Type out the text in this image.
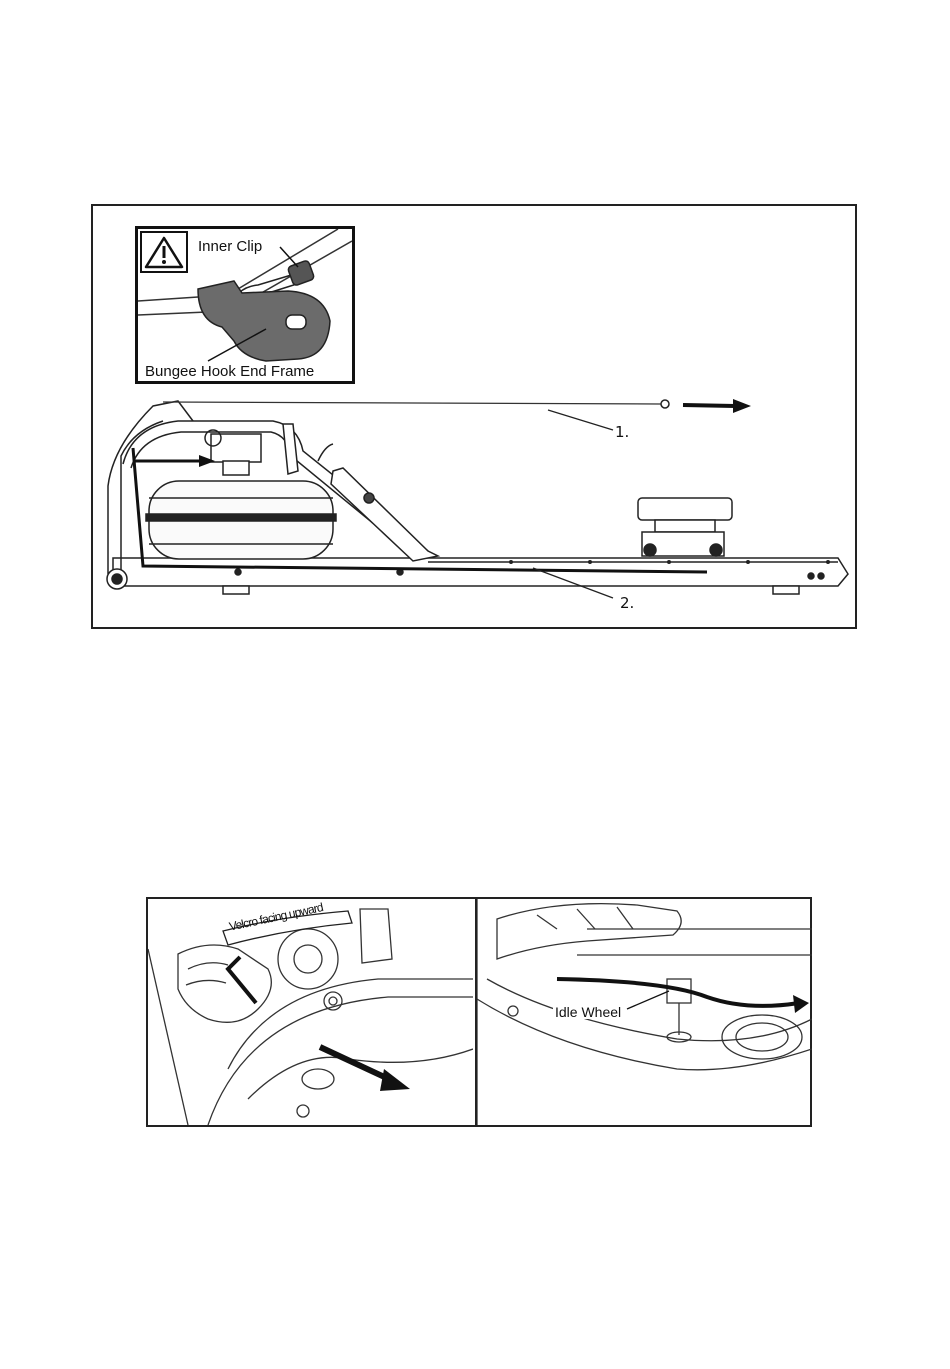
1.
2.
Inner Clip
Bungee Hook End Frame
Velcro facing upward
Idle Wheel
